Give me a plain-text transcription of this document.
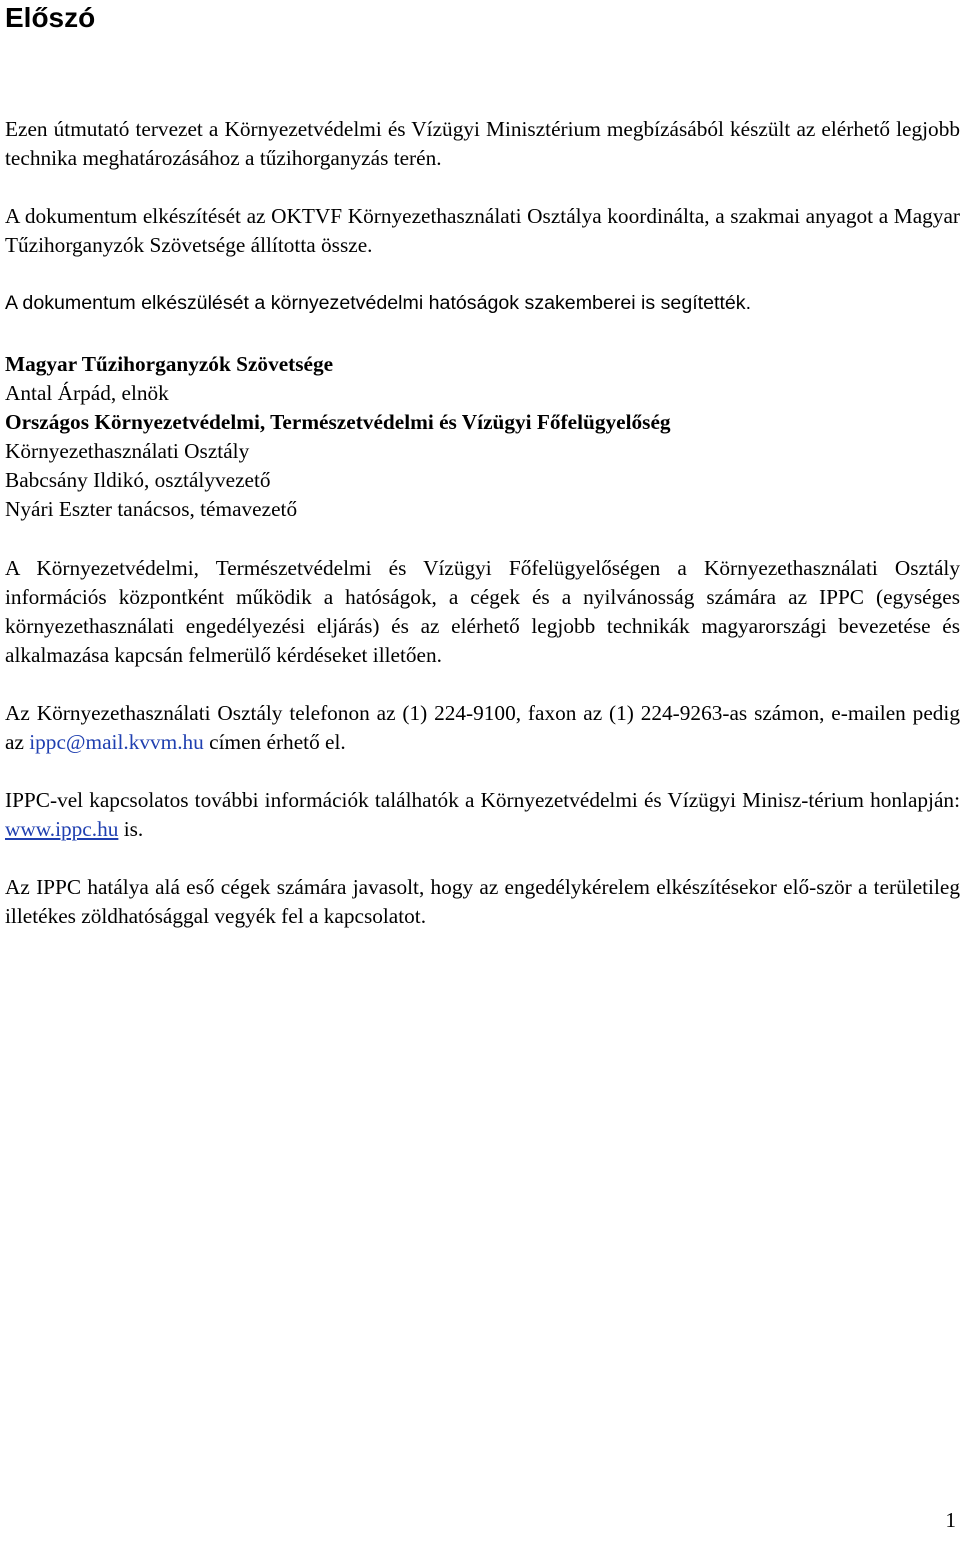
Előszó

Ezen útmutató tervezet a Környezetvédelmi és Vízügyi Minisztérium megbízásából készült az elérhető legjobb technika meghatározásához a tűzihorganyzás terén.

A dokumentum elkészítését az OKTVF Környezethasználati Osztálya koordinálta, a szakmai anyagot a Magyar Tűzihorganyzók Szövetsége állította össze.

A dokumentum elkészülését a környezetvédelmi hatóságok szakemberei is segítették.

Magyar Tűzihorganyzók Szövetsége
Antal Árpád, elnök
Országos Környezetvédelmi, Természetvédelmi és Vízügyi Főfelügyelőség
Környezethasználati Osztály
Babcsány Ildikó, osztályvezető
Nyári Eszter tanácsos, témavezető

A Környezetvédelmi, Természetvédelmi és Vízügyi Főfelügyelőségen a Környezethasználati Osztály információs központként működik a hatóságok, a cégek és a nyilvánosság számára az IPPC (egységes környezethasználati engedélyezési eljárás) és az elérhető legjobb technikák magyarországi bevezetése és alkalmazása kapcsán felmerülő kérdéseket illetően.

Az Környezethasználati Osztály telefonon az (1) 224-9100, faxon az (1) 224-9263-as számon, e-mailen pedig az ippc@mail.kvvm.hu címen érhető el.

IPPC-vel kapcsolatos további információk találhatók a Környezetvédelmi és Vízügyi Minisz-térium honlapján: www.ippc.hu is.

Az IPPC hatálya alá eső cégek számára javasolt, hogy az engedélykérelem elkészítésekor elő-ször a területileg illetékes zöldhatósággal vegyék fel a kapcsolatot.

1
